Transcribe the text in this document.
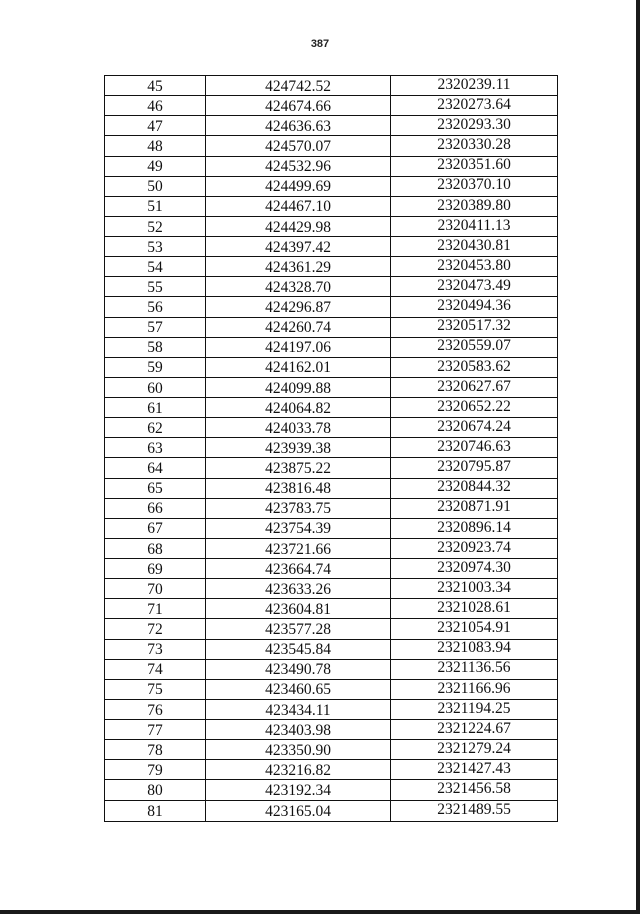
387
45	424742.52	2320239.11
46	424674.66	2320273.64
47	424636.63	2320293.30
48	424570.07	2320330.28
49	424532.96	2320351.60
50	424499.69	2320370.10
51	424467.10	2320389.80
52	424429.98	2320411.13
53	424397.42	2320430.81
54	424361.29	2320453.80
55	424328.70	2320473.49
56	424296.87	2320494.36
57	424260.74	2320517.32
58	424197.06	2320559.07
59	424162.01	2320583.62
60	424099.88	2320627.67
61	424064.82	2320652.22
62	424033.78	2320674.24
63	423939.38	2320746.63
64	423875.22	2320795.87
65	423816.48	2320844.32
66	423783.75	2320871.91
67	423754.39	2320896.14
68	423721.66	2320923.74
69	423664.74	2320974.30
70	423633.26	2321003.34
71	423604.81	2321028.61
72	423577.28	2321054.91
73	423545.84	2321083.94
74	423490.78	2321136.56
75	423460.65	2321166.96
76	423434.11	2321194.25
77	423403.98	2321224.67
78	423350.90	2321279.24
79	423216.82	2321427.43
80	423192.34	2321456.58
81	423165.04	2321489.55
